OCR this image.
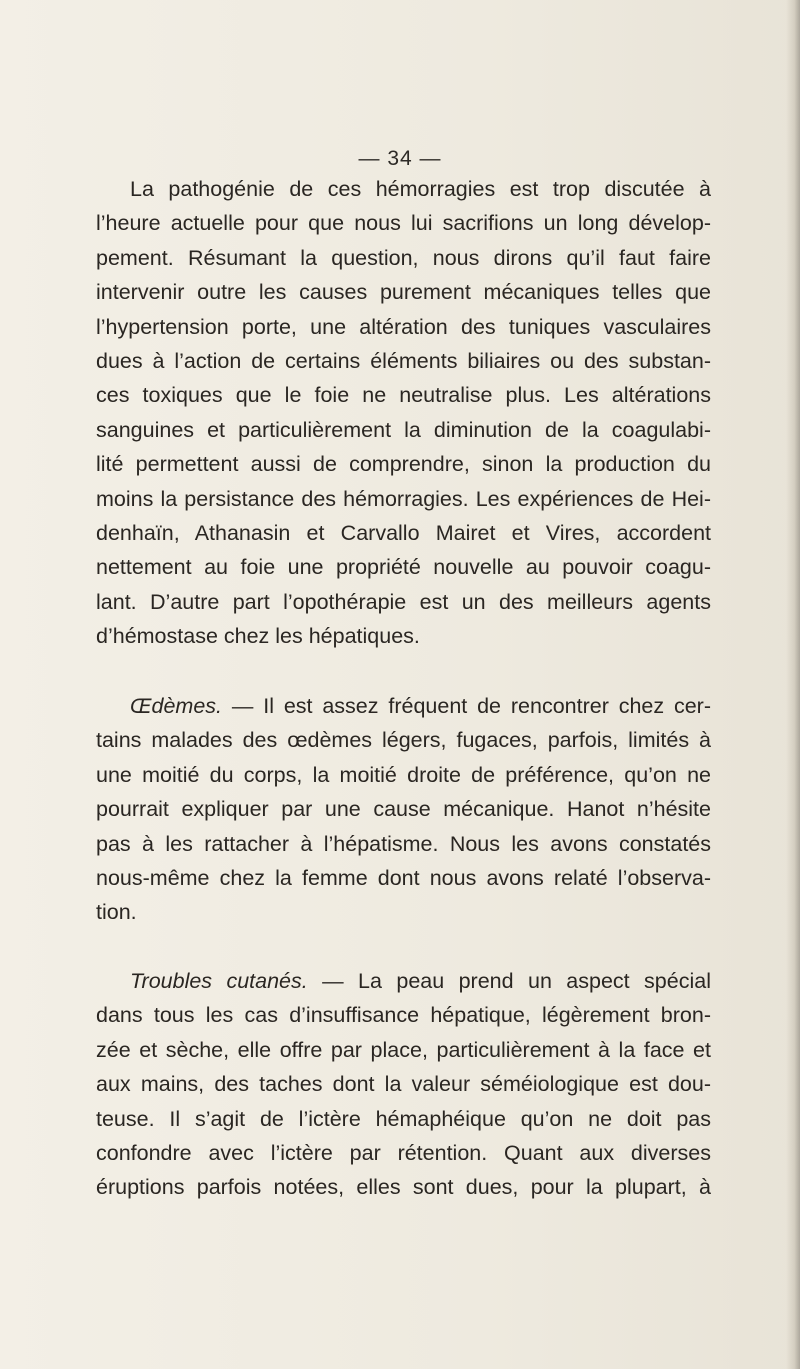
— 34 —
La pathogénie de ces hémorragies est trop discutée à
l’heure actuelle pour que nous lui sacrifions un long dévelop-
pement. Résumant la question, nous dirons qu’il faut faire
intervenir outre les causes purement mécaniques telles que
l’hypertension porte, une altération des tuniques vasculaires
dues à l’action de certains éléments biliaires ou des substan-
ces toxiques que le foie ne neutralise plus. Les altérations
sanguines et particulièrement la diminution de la coagulabi-
lité permettent aussi de comprendre, sinon la production du
moins la persistance des hémorragies. Les expériences de Hei-
denhaïn, Athanasin et Carvallo Mairet et Vires, accordent
nettement au foie une propriété nouvelle au pouvoir coagu-
lant. D’autre part l’opothérapie est un des meilleurs agents
d’hémostase chez les hépatiques.
Œdèmes. — Il est assez fréquent de rencontrer chez cer-
tains malades des œdèmes légers, fugaces, parfois, limités à
une moitié du corps, la moitié droite de préférence, qu’on ne
pourrait expliquer par une cause mécanique. Hanot n’hésite
pas à les rattacher à l’hépatisme. Nous les avons constatés
nous-même chez la femme dont nous avons relaté l’observa-
tion.
Troubles cutanés. — La peau prend un aspect spécial
dans tous les cas d’insuffisance hépatique, légèrement bron-
zée et sèche, elle offre par place, particulièrement à la face et
aux mains, des taches dont la valeur séméiologique est dou-
teuse. Il s’agit de l’ictère hémaphéique qu’on ne doit pas
confondre avec l’ictère par rétention. Quant aux diverses
éruptions parfois notées, elles sont dues, pour la plupart, à
